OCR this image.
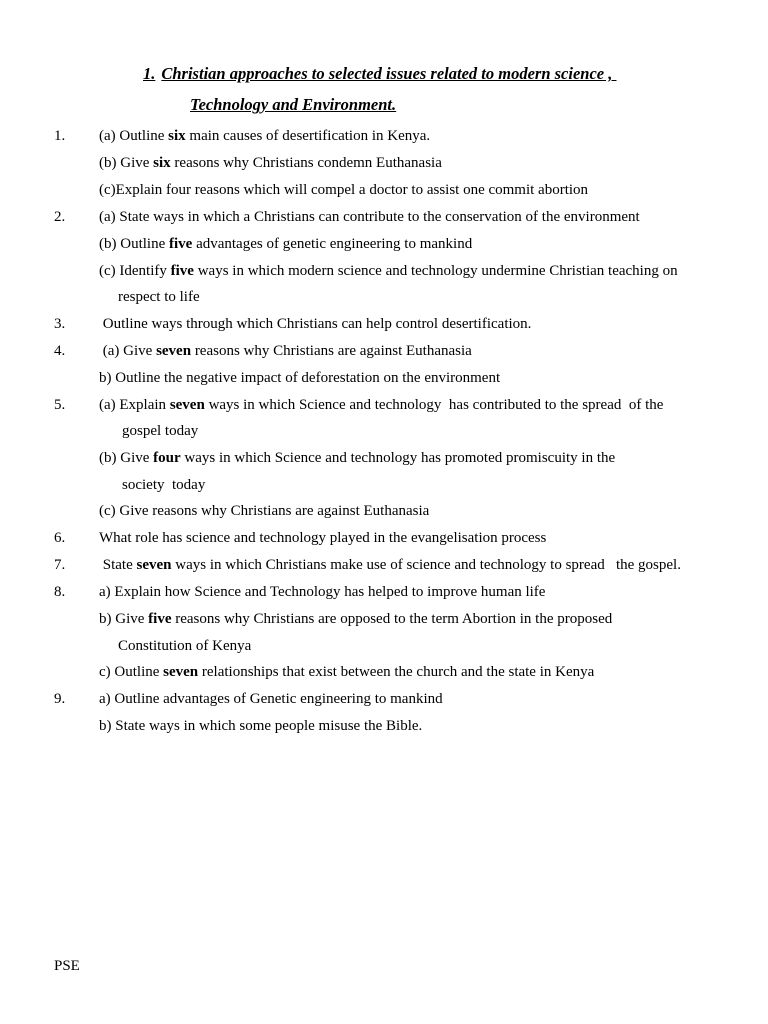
1. Christian approaches to selected issues related to modern science ,
Technology and Environment.
1. (a) Outline six main causes of desertification in Kenya.
(b) Give six reasons why Christians condemn Euthanasia
(c)Explain four reasons which will compel a doctor to assist one commit abortion
2. (a) State ways in which a Christians can contribute to the conservation of the environment
(b) Outline five advantages of genetic engineering to mankind
(c) Identify five ways in which modern science and technology undermine Christian teaching on
respect to life
3. Outline ways through which Christians can help control desertification.
4. (a) Give seven reasons why Christians are against Euthanasia
b) Outline the negative impact of deforestation on the environment
5. (a) Explain seven ways in which Science and technology  has contributed to the spread  of the
gospel today
(b) Give four ways in which Science and technology has promoted promiscuity in the
society  today
(c) Give reasons why Christians are against Euthanasia
6. What role has science and technology played in the evangelisation process
7. State seven ways in which Christians make use of science and technology to spread   the gospel.
8. a) Explain how Science and Technology has helped to improve human life
b) Give five reasons why Christians are opposed to the term Abortion in the proposed
Constitution of Kenya
c) Outline seven relationships that exist between the church and the state in Kenya
9. a) Outline advantages of Genetic engineering to mankind
b) State ways in which some people misuse the Bible.
PSE
